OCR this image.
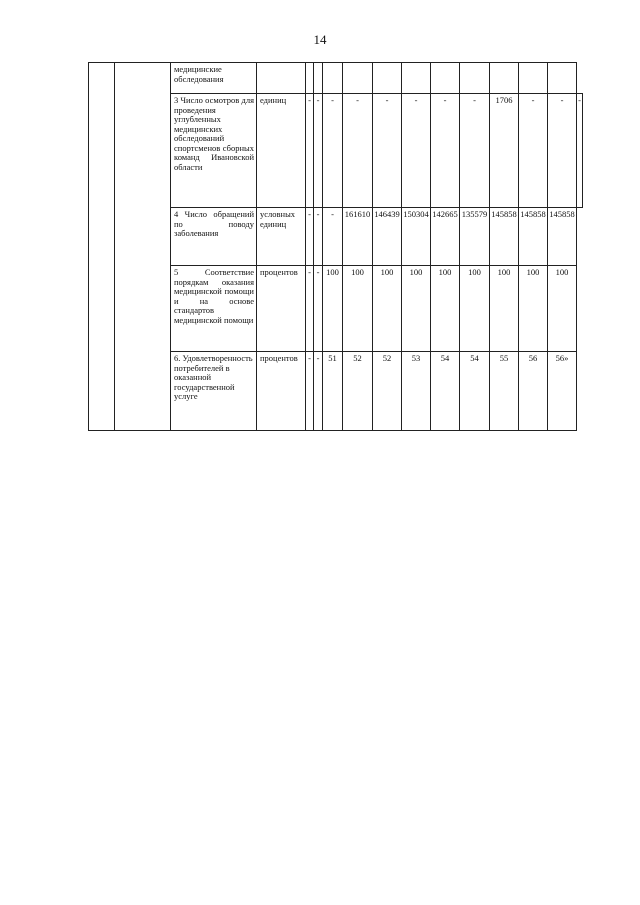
14
		медицинские обследования													
		3 Число осмотров для проведения углубленных медицинских обследований спортсменов сборных команд Ивановской области	единиц	-	-	-	-	-	-	-	-	1706	-	-	-
		4 Число обращений по поводу заболевания	условных единиц	-	-	-	161610	146439	150304	142665	135579	145858	145858	145858	
		5 Соответствие порядкам оказания медицинской помощи и на основе стандартов медицинской помощи	процентов	-	-	100	100	100	100	100	100	100	100	100	
		6. Удовлетворенность потребителей в оказанной государственной услуге	процентов	-	-	51	52	52	53	54	54	55	56	56»	
